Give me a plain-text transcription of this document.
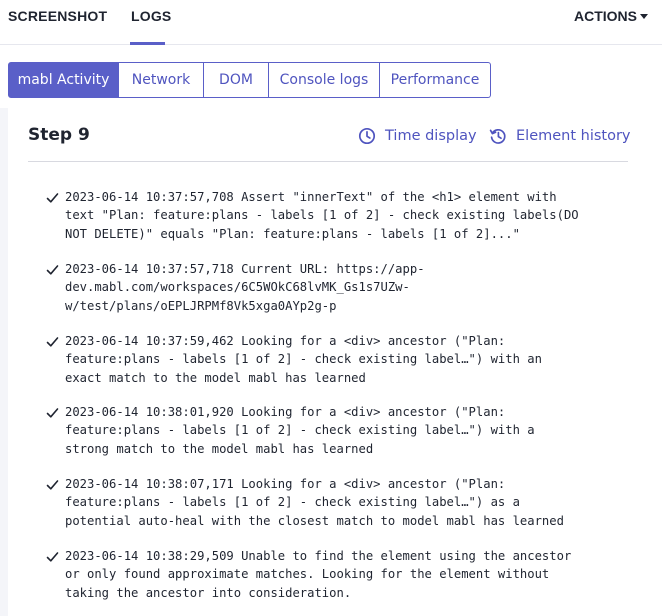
SCREENSHOT LOGS	ACTIONS
mabl Activity	Network	DOM	Console logs	Performance
Step 9	Time display	Element history
2023-06-14 10:37:57,708 Assert "innerText" of the <h1> element with
text "Plan: feature:plans - labels [1 of 2] - check existing labels(DO
NOT DELETE)" equals "Plan: feature:plans - labels [1 of 2]..."
2023-06-14 10:37:57,718 Current URL: https://app-
dev.mabl.com/workspaces/6C5WOkC68lvMK_Gs1s7UZw-
w/test/plans/oEPLJRPMf8Vk5xga0AYp2g-p
2023-06-14 10:37:59,462 Looking for a <div> ancestor ("Plan:
feature:plans - labels [1 of 2] - check existing label…") with an
exact match to the model mabl has learned
2023-06-14 10:38:01,920 Looking for a <div> ancestor ("Plan:
feature:plans - labels [1 of 2] - check existing label…") with a
strong match to the model mabl has learned
2023-06-14 10:38:07,171 Looking for a <div> ancestor ("Plan:
feature:plans - labels [1 of 2] - check existing label…") as a
potential auto-heal with the closest match to model mabl has learned
2023-06-14 10:38:29,509 Unable to find the element using the ancestor
or only found approximate matches. Looking for the element without
taking the ancestor into consideration.
